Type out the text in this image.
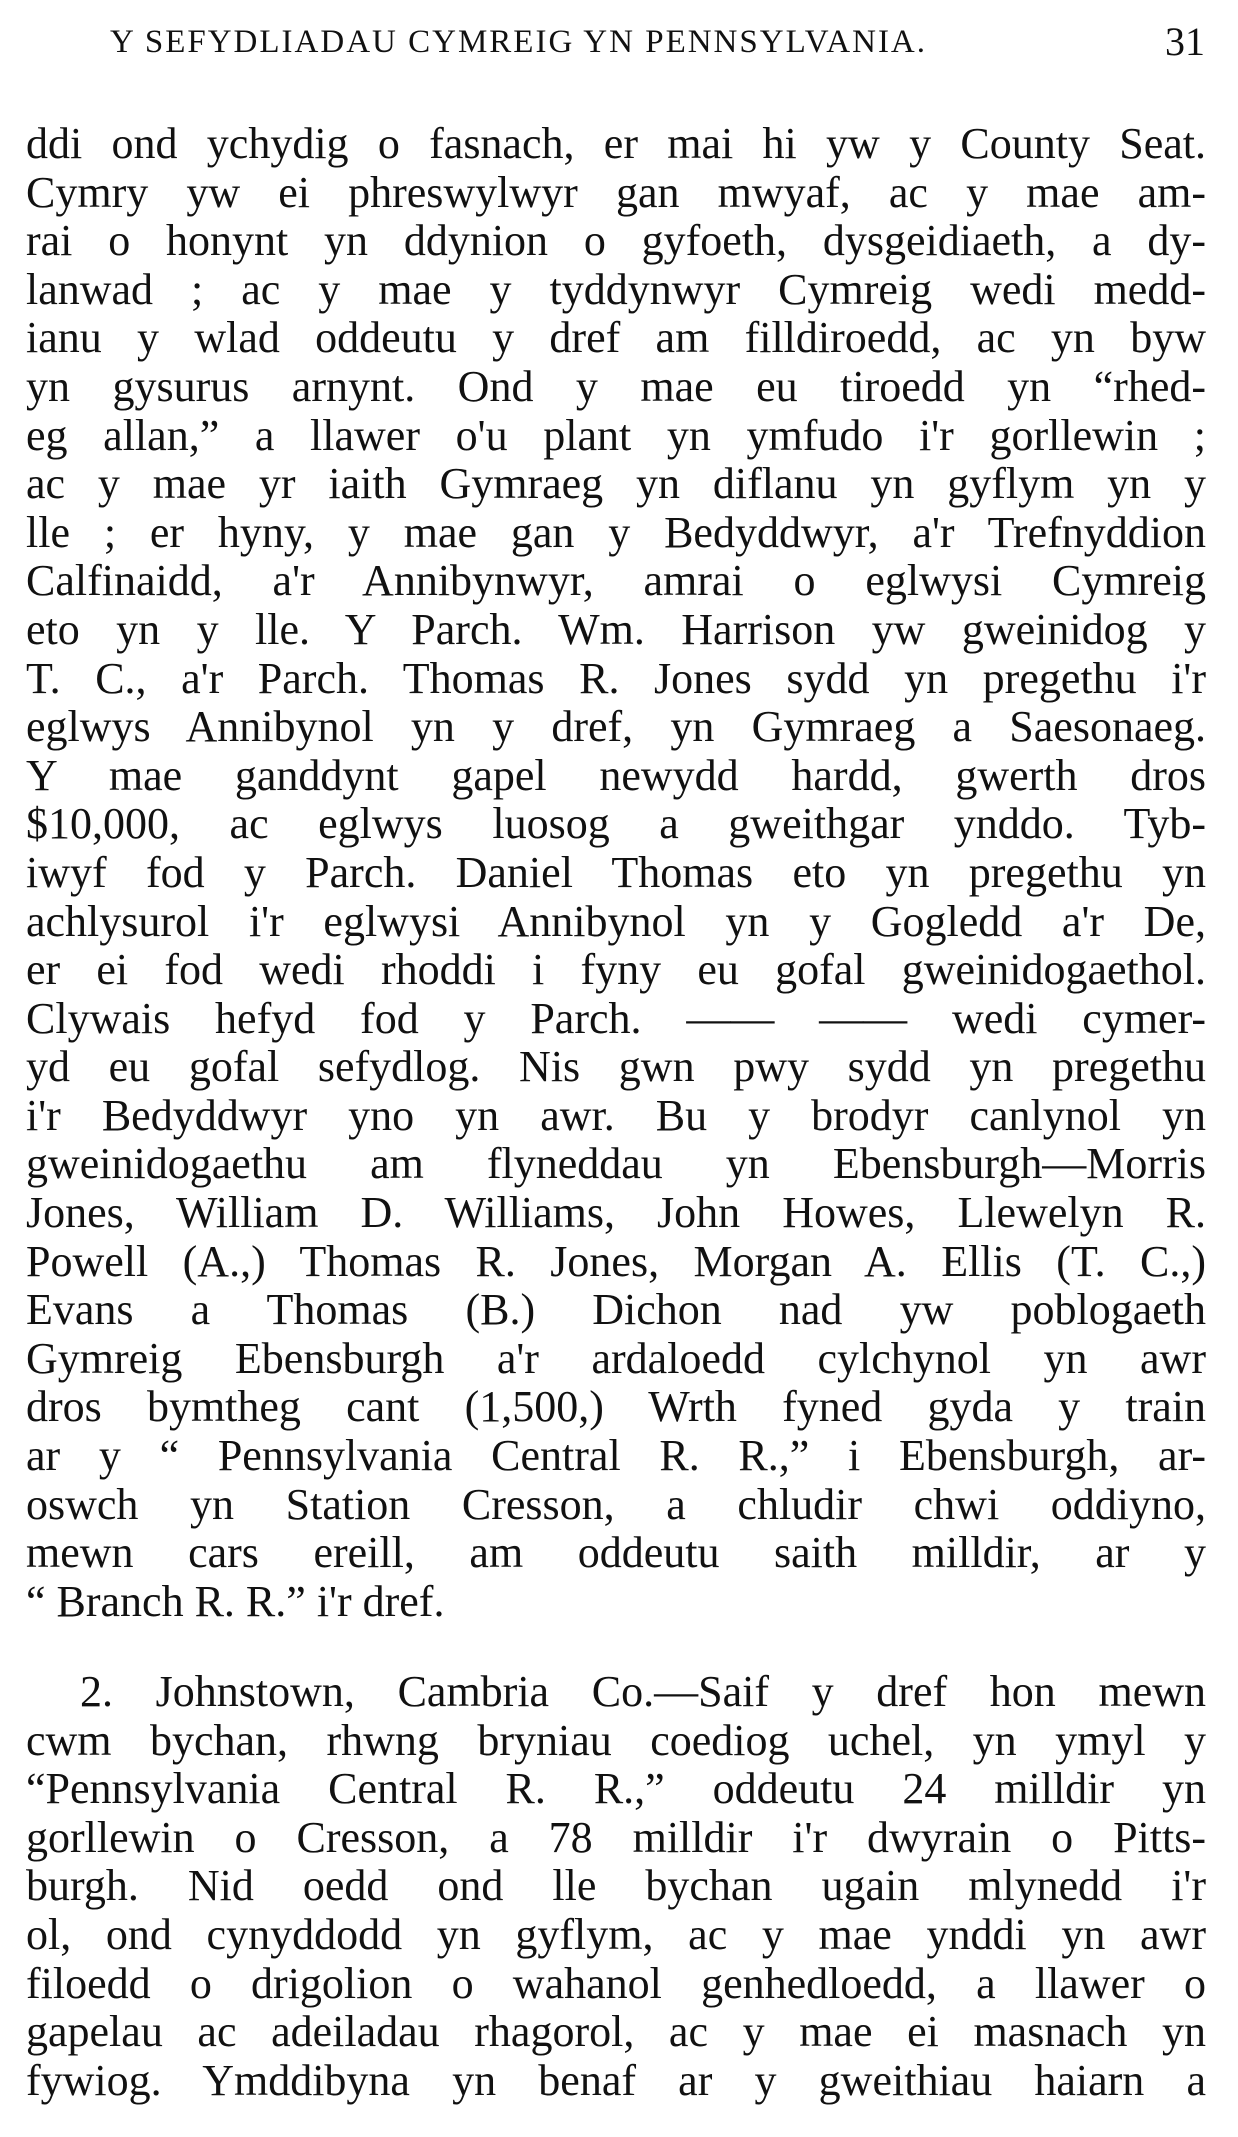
Y SEFYDLIADAU CYMREIG YN PENNSYLVANIA.	31
ddi ond ychydig o fasnach, er mai hi yw y County Seat.
Cymry yw ei phreswylwyr gan mwyaf, ac y mae am-
rai o honynt yn ddynion o gyfoeth, dysgeidiaeth, a dy-
lanwad ; ac y mae y tyddynwyr Cymreig wedi medd-
ianu y wlad oddeutu y dref am filldiroedd, ac yn byw
yn gysurus arnynt. Ond y mae eu tiroedd yn “rhed-
eg allan,” a llawer o'u plant yn ymfudo i'r gorllewin ;
ac y mae yr iaith Gymraeg yn diflanu yn gyflym yn y
lle ; er hyny, y mae gan y Bedyddwyr, a'r Trefnyddion
Calfinaidd, a'r Annibynwyr, amrai o eglwysi Cymreig
eto yn y lle. Y Parch. Wm. Harrison yw gweinidog y
T. C., a'r Parch. Thomas R. Jones sydd yn pregethu i'r
eglwys Annibynol yn y dref, yn Gymraeg a Saesonaeg.
Y mae ganddynt gapel newydd hardd, gwerth dros
$10,000, ac eglwys luosog a gweithgar ynddo. Tyb-
iwyf fod y Parch. Daniel Thomas eto yn pregethu yn
achlysurol i'r eglwysi Annibynol yn y Gogledd a'r De,
er ei fod wedi rhoddi i fyny eu gofal gweinidogaethol.
Clywais hefyd fod y Parch. —— —— wedi cymer-
yd eu gofal sefydlog. Nis gwn pwy sydd yn pregethu
i'r Bedyddwyr yno yn awr. Bu y brodyr canlynol yn
gweinidogaethu am flyneddau yn Ebensburgh—Morris
Jones, William D. Williams, John Howes, Llewelyn R.
Powell (A.,) Thomas R. Jones, Morgan A. Ellis (T. C.,)
Evans a Thomas (B.) Dichon nad yw poblogaeth
Gymreig Ebensburgh a'r ardaloedd cylchynol yn awr
dros bymtheg cant (1,500,) Wrth fyned gyda y train
ar y “ Pennsylvania Central R. R.,” i Ebensburgh, ar-
oswch yn Station Cresson, a chludir chwi oddiyno,
mewn cars ereill, am oddeutu saith milldir, ar y
“ Branch R. R.” i'r dref.
2. Johnstown, Cambria Co.—Saif y dref hon mewn
cwm bychan, rhwng bryniau coediog uchel, yn ymyl y
“Pennsylvania Central R. R.,” oddeutu 24 milldir yn
gorllewin o Cresson, a 78 milldir i'r dwyrain o Pitts-
burgh. Nid oedd ond lle bychan ugain mlynedd i'r
ol, ond cynyddodd yn gyflym, ac y mae ynddi yn awr
filoedd o drigolion o wahanol genhedloedd, a llawer o
gapelau ac adeiladau rhagorol, ac y mae ei masnach yn
fywiog. Ymddibyna yn benaf ar y gweithiau haiarn a
